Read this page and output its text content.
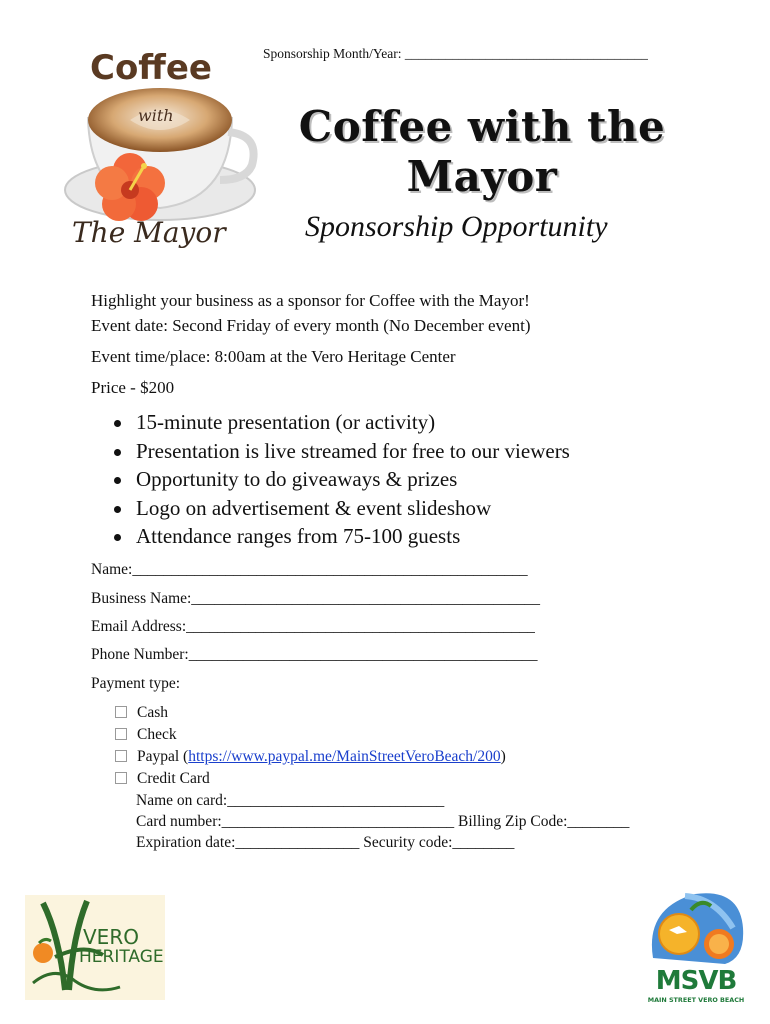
Coffee
with
The Mayor
Sponsorship Month/Year: ____________________________________
Coffee with the
Mayor
Sponsorship Opportunity
Highlight your business as a sponsor for Coffee with the Mayor!
Event date: Second Friday of every month (No December event)
Event time/place: 8:00am at the Vero Heritage Center
Price - $200
15-minute presentation (or activity)
Presentation is live streamed for free to our viewers
Opportunity to do giveaways & prizes
Logo on advertisement & event slideshow
Attendance ranges from 75-100 guests
Name:___________________________________________________
Business Name:_____________________________________________
Email Address:_____________________________________________
Phone Number:_____________________________________________
Payment type:
Cash
Check
Paypal (https://www.paypal.me/MainStreetVeroBeach/200)
Credit Card
Name on card:____________________________
Card number:______________________________ Billing Zip Code:________
Expiration date:________________ Security code:________
VERO
HERITAGE
MSVB
MAIN STREET VERO BEACH
